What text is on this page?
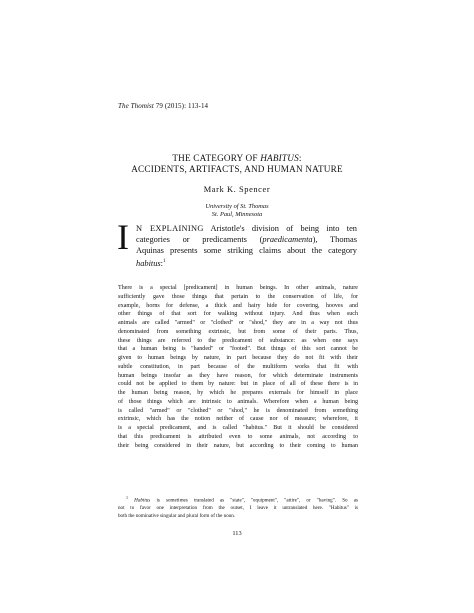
The Thomist 79 (2015): 113-14
THE CATEGORY OF HABITUS:
ACCIDENTS, ARTIFACTS, AND HUMAN NATURE
Mark K. Spencer
University of St. Thomas
St. Paul, Minnesota
I N EXPLAINING Aristotle's division of being into ten
categories or predicaments (praedicamenta), Thomas
Aquinas presents some striking claims about the category
habitus:$^1$
There is a special [predicament] in human beings. In other animals, nature
sufficiently gave those things that pertain to the conservation of life, for
example, horns for defense, a thick and hairy hide for covering, hooves and
other things of that sort for walking without injury. And thus when such
animals are called "armed" or "clothed" or "shod," they are in a way not thus
denominated from something extrinsic, but from some of their parts. Thus,
these things are referred to the predicament of substance: as when one says
that a human being is "handed" or "footed". But things of this sort cannot be
given to human beings by nature, in part because they do not fit with their
subtle constitution, in part because of the multiform works that fit with
human beings insofar as they have reason, for which determinate instruments
could not be applied to them by nature: but in place of all of these there is in
the human being reason, by which he prepares externals for himself in place
of those things which are intrinsic to animals. Wherefore when a human being
is called "armed" or "clothed" or "shod," he is denominated from something
extrinsic, which has the notion neither of cause nor of measure; wherefore, it
is a special predicament, and is called "habitus." But it should be considered
that this predicament is attributed even to some animals, not according to
their being considered in their nature, but according to their coming to human
$^1$ Habitus is sometimes translated as "state", "equipment", "attire", or "having". So as
not to favor one interpretation from the outset, I leave it untranslated here. "Habitus" is
both the nominative singular and plural form of the noun.
113
